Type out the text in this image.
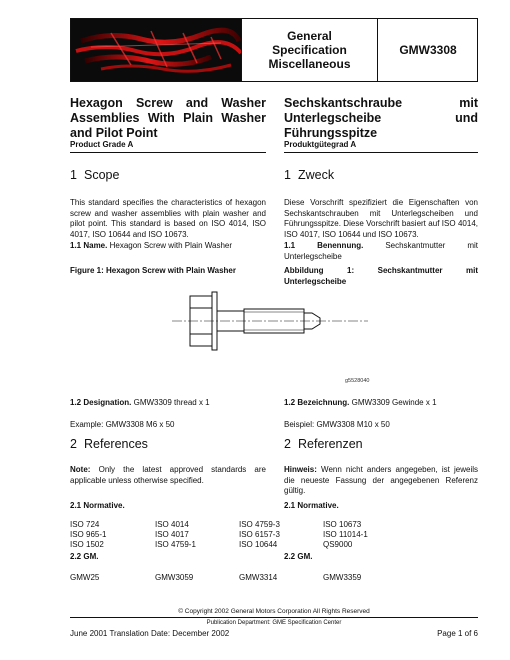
General
Specification
Miscellaneous
GMW3308
Hexagon Screw and Washer Assemblies With Plain Washer and Pilot Point
Sechskantschraube mit Unterlegscheibe und Führungsspitze
Product Grade A	Produktgütegrad A
1 Scope	1 Zweck
This standard specifies the characteristics of hexagon screw and washer assemblies with plain washer and pilot point. This standard is based on ISO 4014, ISO 4017, ISO 10644 and ISO 10673.
Diese Vorschrift spezifiziert die Eigenschaften von Sechskantschrauben mit Unterlegscheiben und Führungsspitze. Diese Vorschrift basiert auf ISO 4014, ISO 4017, ISO 10644 und ISO 10673.
1.1 Name. Hexagon Screw with Plain Washer	1.1 Benennung.	Sechskantmutter mit Unterlegscheibe
Figure 1: Hexagon Screw with Plain Washer	Abbildung 1: Sechskantmutter mit Unterlegscheibe
g5528040
1.2 Designation. GMW3309 thread x 1	1.2 Bezeichnung. GMW3309 Gewinde x 1
Example: GMW3308 M6 x 50	Beispiel: GMW3308 M10 x 50
2 References	2 Referenzen
Note: Only the latest approved standards are applicable unless otherwise specified.
Hinweis: Wenn nicht anders angegeben, ist jeweils die neueste Fassung der angegebenen Referenz gültig.
2.1 Normative.	2.1 Normative.
ISO 724	ISO 4014	ISO 4759-3	ISO 10673
ISO 965-1	ISO 4017	ISO 6157-3	ISO 11014-1
ISO 1502	ISO 4759-1	ISO 10644	QS9000
2.2 GM.	2.2 GM.
GMW25	GMW3059	GMW3314	GMW3359
© Copyright 2002 General Motors Corporation All Rights Reserved
Publication Department: GME Specification Center
June 2001 Translation Date: December 2002	Page 1 of 6
